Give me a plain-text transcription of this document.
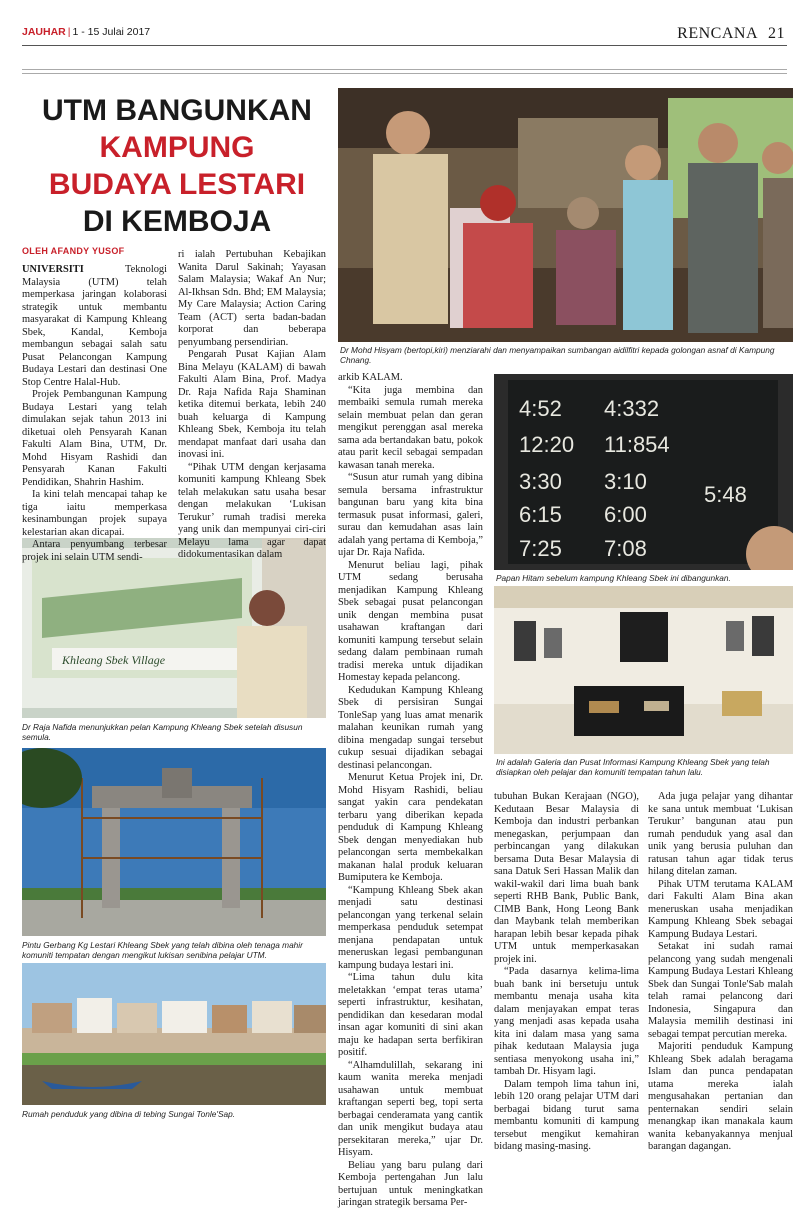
JAUHAR | 1 - 15 Julai 2017	RENCANA 21
UTM BANGUNKAN
KAMPUNG
BUDAYA LESTARI
DI KEMBOJA
OLEH AFANDY YUSOF
Dr Mohd Hisyam (bertopi,kiri) menziarahi dan menyampaikan sumbangan aidilfitri kepada golongan asnaf di Kampung Chnang.
4:52 4:332
12:20 11:854
3:30 3:10
5:48
6:15 6:00
7:25 7:08
Papan Hitam sebelum kampung Khleang Sbek ini dibangunkan.
Ini adalah Galeria dan Pusat Informasi Kampung Khleang Sbek yang telah disiapkan oleh pelajar dan komuniti tempatan tahun lalu.
Khleang Sbek Village
Dr Raja Nafida menunjukkan pelan Kampung Khleang Sbek setelah disusun semula.
Pintu Gerbang Kg Lestari Khleang Sbek yang telah dibina oleh tenaga mahir komuniti tempatan dengan mengikut lukisan senibina pelajar UTM.
Rumah penduduk yang dibina di tebing Sungai Tonle'Sap.

UNIVERSITI	Teknologi Malaysia (UTM) telah memperkasa jaringan kolaborasi strategik untuk membantu masyarakat di Kampung Khleang Sbek, Kandal, Kemboja membangun sebagai salah satu Pusat Pelancongan Kampung Budaya Lestari dan destinasi One Stop Centre Halal-Hub.

Projek Pembangunan Kampung Budaya Lestari yang telah dimulakan sejak tahun 2013 ini diketuai oleh Pensyarah Kanan Fakulti Alam Bina, UTM, Dr. Mohd Hisyam Rashidi dan Pensyarah Kanan Fakulti Pendidikan, Shahrin Hashim.

Ia kini telah mencapai tahap ke tiga iaitu memperkasa kesinambungan projek supaya kelestarian akan dicapai.

Antara penyumbang terbesar projek ini selain UTM sendi-

ri ialah Pertubuhan Kebajikan Wanita Darul Sakinah; Yayasan Salam Malaysia; Wakaf An Nur; Al-Ikhsan Sdn. Bhd; EM Malaysia; My Care Malaysia; Action Caring Team (ACT) serta badan-badan korporat dan beberapa penyumbang persendirian.

Pengarah Pusat Kajian Alam Bina Melayu (KALAM) di bawah Fakulti Alam Bina, Prof. Madya Dr. Raja Nafida Raja Shaminan ketika ditemui berkata, lebih 240 buah keluarga di Kampung Khleang Sbek, Kemboja itu telah mendapat manfaat dari usaha dan inovasi ini.

“Pihak UTM dengan kerjasama komuniti kampung Khleang Sbek telah melakukan satu usaha besar dengan melakukan ‘Lukisan Terukur’ rumah tradisi mereka yang unik dan mempunyai ciri-ciri Melayu lama agar dapat didokumentasikan dalam

arkib KALAM.

“Kita juga membina dan membaiki semula rumah mereka selain membuat pelan dan geran mengikut perenggan asal mereka sama ada bertandakan batu, pokok atau parit kecil sebagai sempadan kawasan tanah mereka.

“Susun atur rumah yang dibina semula bersama infrastruktur bangunan baru yang kita bina termasuk pusat informasi, galeri, surau dan kemudahan asas lain adalah yang pertama di Kemboja,” ujar Dr. Raja Nafida.

Menurut beliau lagi, pihak UTM sedang berusaha menjadikan Kampung Khleang Sbek sebagai pusat pelancongan unik dengan membina pusat usahawan kraftangan dari komuniti kampung tersebut selain sedang dalam pembinaan rumah tradisi mereka untuk dijadikan Homestay kepada pelancong.

Kedudukan Kampung Khleang Sbek di persisiran Sungai TonleSap yang luas amat menarik malahan keunikan rumah yang dibina mengadap sungai tersebut cukup sesuai dijadikan sebagai destinasi pelancongan.

Menurut Ketua Projek ini, Dr. Mohd Hisyam Rashidi, beliau sangat yakin cara pendekatan terbaru yang diberikan kepada penduduk di Kampung Khleang Sbek dengan menyediakan hub pelancongan serta membekalkan makanan halal produk keluaran Bumiputera ke Kemboja.

“Kampung Khleang Sbek akan menjadi satu destinasi pelancongan yang terkenal selain memperkasa penduduk setempat menjana pendapatan untuk meneruskan legasi pembangunan kampung budaya lestari ini.

“Lima tahun dulu kita meletakkan ‘empat teras utama’ seperti infrastruktur, kesihatan, pendidikan dan kesedaran modal insan agar komuniti di sini akan maju ke hadapan serta berfikiran positif.

“Alhamdulillah, sekarang ini kaum wanita mereka menjadi usahawan untuk membuat kraftangan seperti beg, topi serta berbagai cenderamata yang cantik dan unik mengikut budaya atau persekitaran mereka,” ujar Dr. Hisyam.

Beliau yang baru pulang dari Kemboja pertengahan Jun lalu bertujuan untuk meningkatkan jaringan strategik bersama Per-

tubuhan Bukan Kerajaan (NGO), Kedutaan Besar Malaysia di Kemboja dan industri perbankan menegaskan, perjumpaan dan perbincangan yang dilakukan bersama Duta Besar Malaysia di sana Datuk Seri Hassan Malik dan wakil-wakil dari lima buah bank seperti RHB Bank, Public Bank, CIMB Bank, Hong Leong Bank dan Maybank telah memberikan harapan lebih besar kepada pihak UTM untuk memperkasakan projek ini.

“Pada dasarnya kelima-lima buah bank ini bersetuju untuk membantu menaja usaha kita dalam menjayakan empat teras yang menjadi asas kepada usaha kita ini dalam masa yang sama pihak kedutaan Malaysia juga sentiasa menyokong usaha ini,” tambah Dr. Hisyam lagi.

Dalam tempoh lima tahun ini, lebih 120 orang pelajar UTM dari berbagai bidang turut sama membantu komuniti di kampung tersebut mengikut kemahiran bidang masing-masing.

Ada juga pelajar yang dihantar ke sana untuk membuat ‘Lukisan Terukur’ bangunan atau pun rumah penduduk yang asal dan unik yang berusia puluhan dan ratusan tahun agar tidak terus hilang ditelan zaman.

Pihak UTM terutama KALAM dari Fakulti Alam Bina akan meneruskan usaha menjadikan Kampung Khleang Sbek sebagai Kampung Budaya Lestari.

Setakat ini sudah ramai pelancong yang sudah mengenali Kampung Budaya Lestari Khleang Sbek dan Sungai Tonle'Sab malah telah ramai pelancong dari Indonesia, Singapura dan Malaysia memilih destinasi ini sebagai tempat percutian mereka.

Majoriti penduduk Kampung Khleang Sbek adalah beragama Islam dan punca pendapatan utama mereka ialah mengusahakan pertanian dan penternakan sendiri selain menangkap ikan manakala kaum wanita kebanyakannya menjual barangan dagangan.
